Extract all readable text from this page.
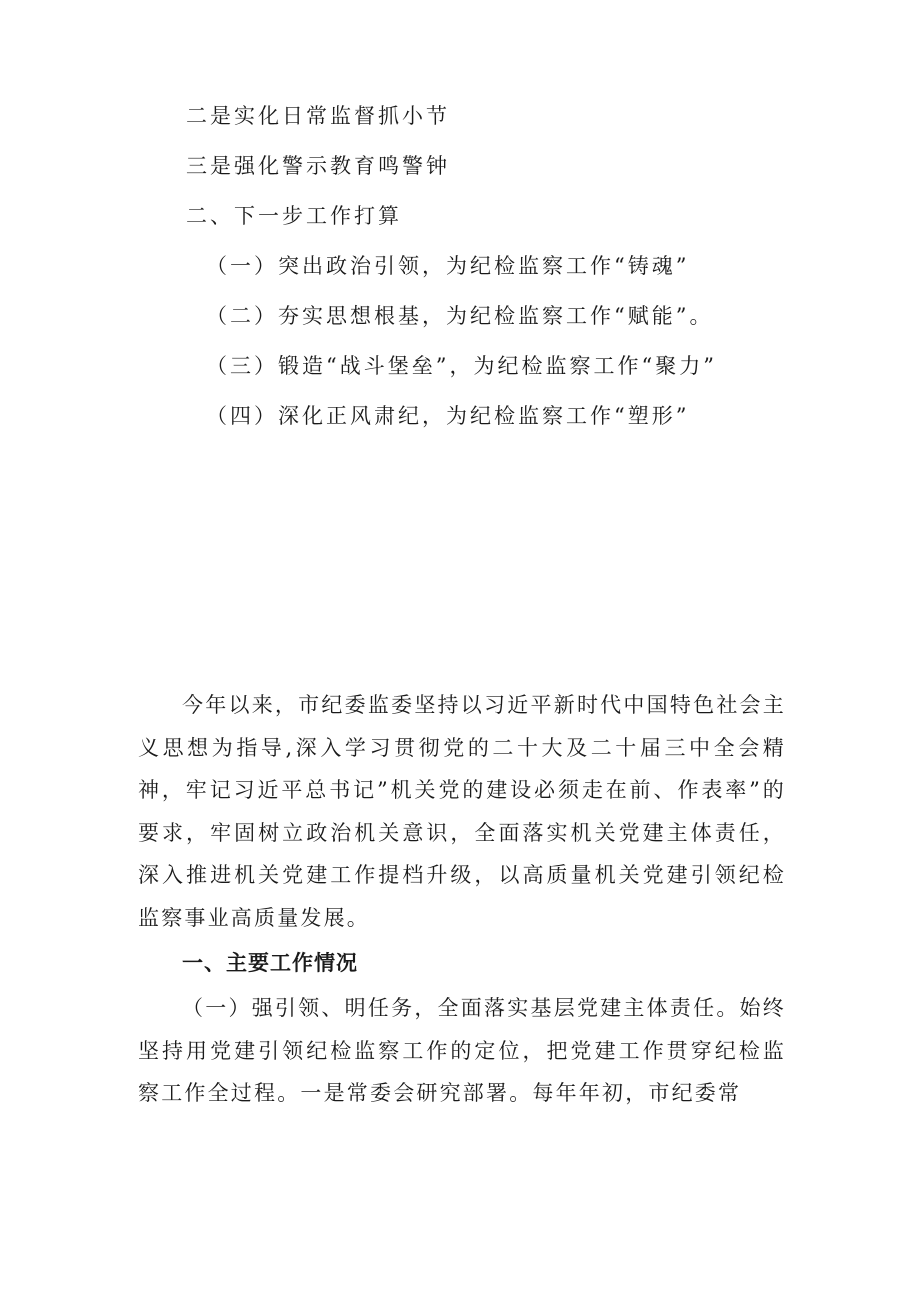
二是实化日常监督抓小节
三是强化警示教育鸣警钟
二、下一步工作打算
（一）突出政治引领，为纪检监察工作“铸魂”
（二）夯实思想根基，为纪检监察工作“赋能”。
（三）锻造“战斗堡垒”，为纪检监察工作“聚力”
（四）深化正风肃纪，为纪检监察工作“塑形”

今年以来，市纪委监委坚持以习近平新时代中国特色社会主义思想为指导,深入学习贯彻党的二十大及二十届三中全会精神，牢记习近平总书记”机关党的建设必须走在前、作表率”的要求，牢固树立政治机关意识，全面落实机关党建主体责任，深入推进机关党建工作提档升级，以高质量机关党建引领纪检监察事业高质量发展。

一、主要工作情况

（一）强引领、明任务，全面落实基层党建主体责任。始终坚持用党建引领纪检监察工作的定位，把党建工作贯穿纪检监察工作全过程。一是常委会研究部署。每年年初，市纪委常
